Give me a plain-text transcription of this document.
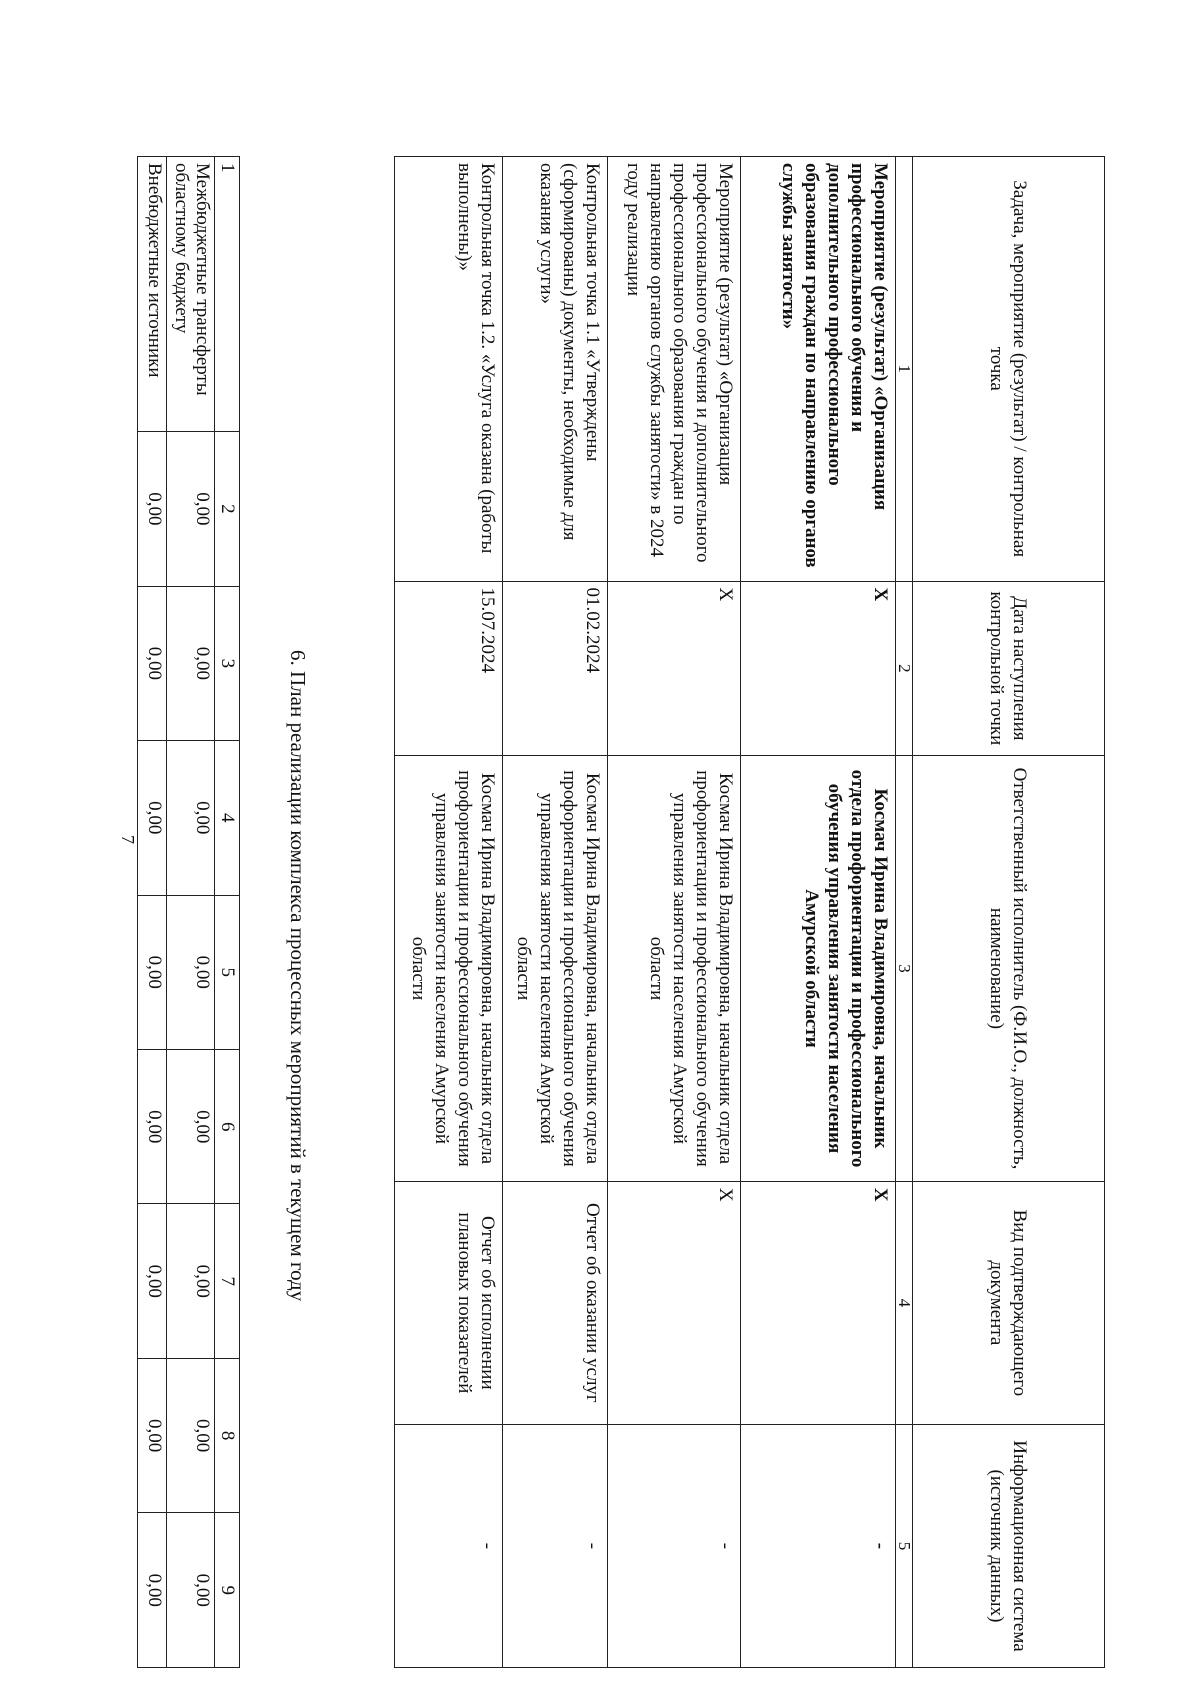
7
1	2	3	4	5	6	7	8	9
Межбюджетные трансферты областному бюджету	0,00	0,00	0,00	0,00	0,00	0,00	0,00	0,00
Внебюджетные источники	0,00	0,00	0,00	0,00	0,00	0,00	0,00	0,00
6. План реализации комплекса процессных мероприятий в текущем году
Задача, мероприятие (результат) / контрольная точка	Дата наступления контрольной точки	Ответственный исполнитель (Ф.И.О., должность, наименование)	Вид подтверждающего документа	Информационная система (источник данных)
1	2	3	4	5
Мероприятие (результат) «Организация профессионального обучения и дополнительного профессионального образования граждан по направлению органов службы занятости»	Х	Космач Ирина Владимировна, начальник отдела профориентации и профессионального обучения управления занятости населения Амурской области	Х	-
Мероприятие (результат) «Организация профессионального обучения и дополнительного профессионального образования граждан по направлению органов службы занятости» в 2024 году реализации	Х	Космач Ирина Владимировна, начальник отдела профориентации и профессионального обучения управления занятости населения Амурской области	Х	-
Контрольная точка 1.1 «Утверждены (сформированы) документы, необходимые для оказания услуги»	01.02.2024	Космач Ирина Владимировна, начальник отдела профориентации и профессионального обучения управления занятости населения Амурской области	Отчет об оказании услуг	-
Контрольная точка 1.2. «Услуга оказана (работы выполнены)»	15.07.2024	Космач Ирина Владимировна, начальник отдела профориентации и профессионального обучения управления занятости населения Амурской области	Отчет об исполнении плановых показателей	-
